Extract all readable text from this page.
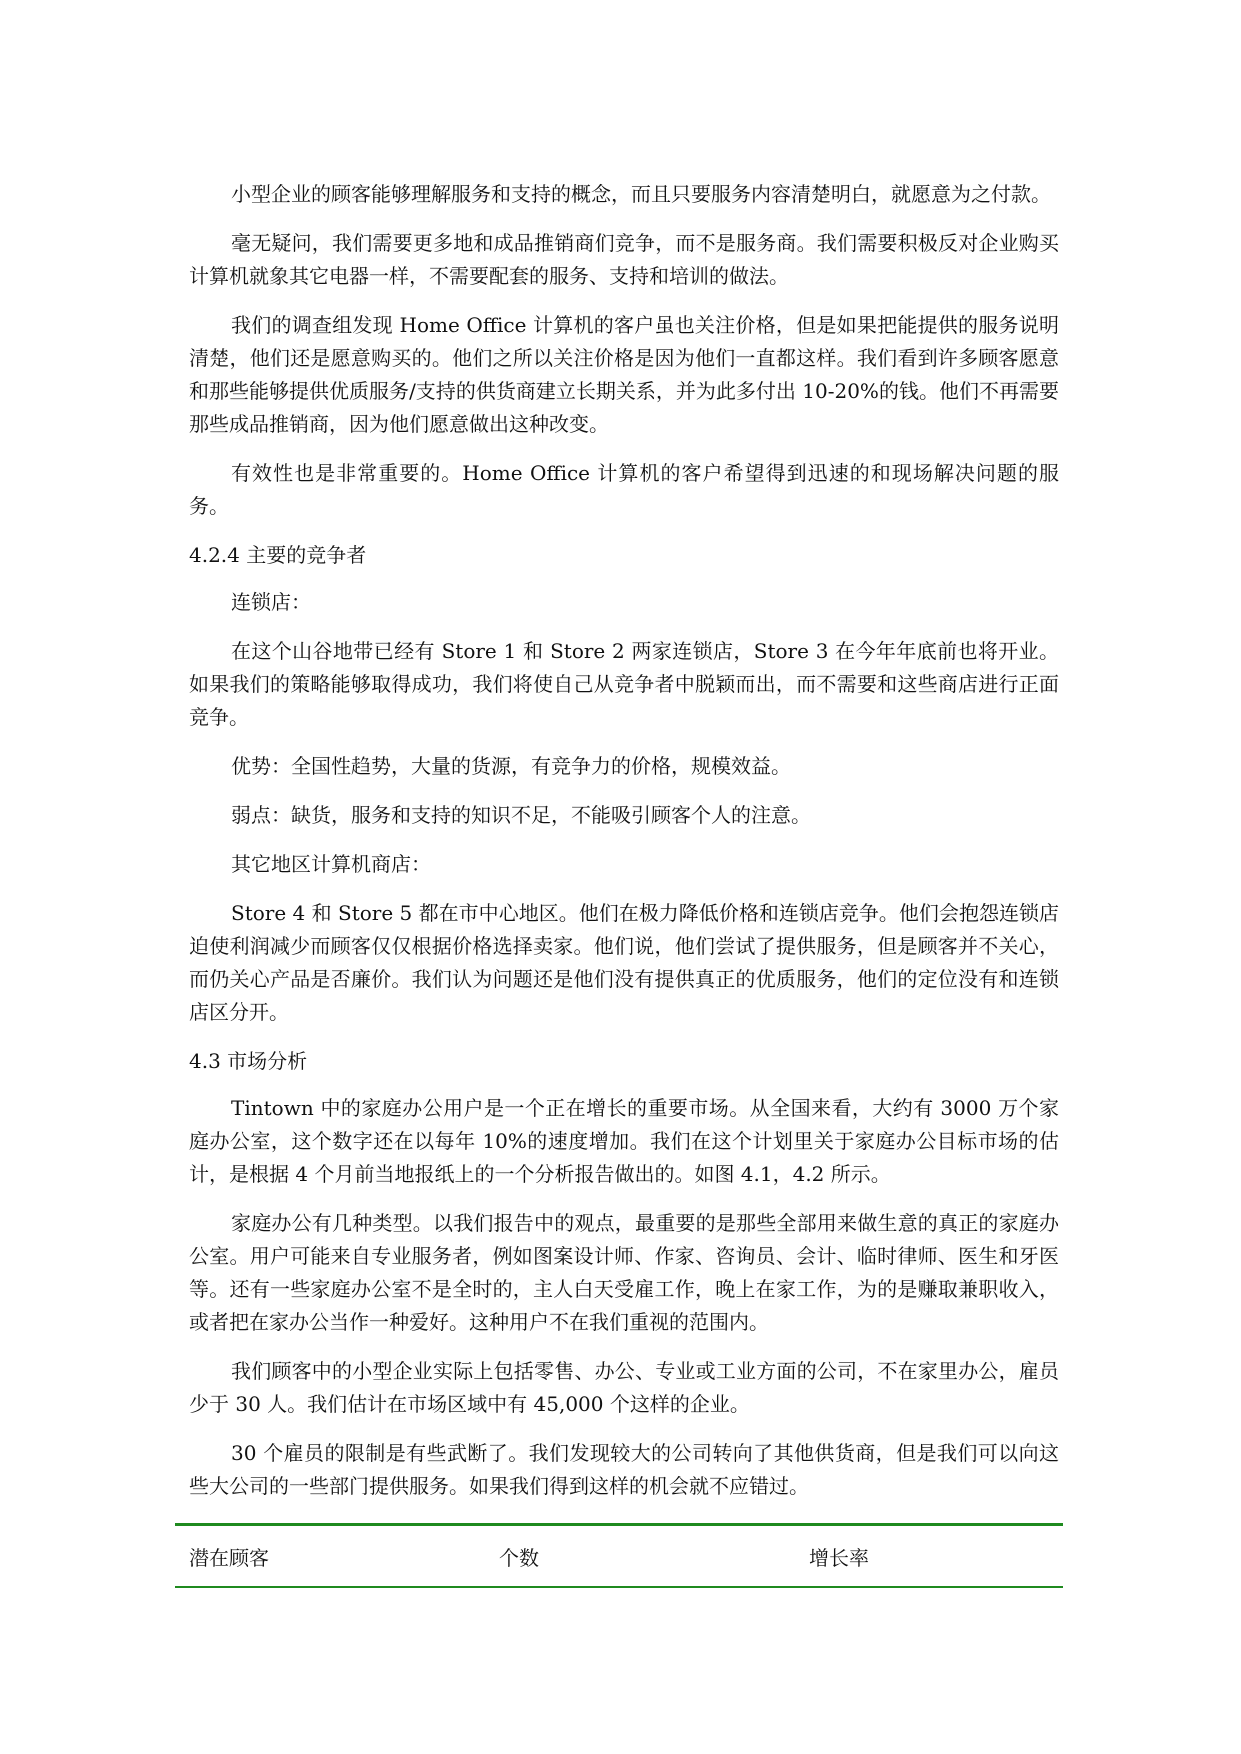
小型企业的顾客能够理解服务和支持的概念，而且只要服务内容清楚明白，就愿意为之付款。

毫无疑问，我们需要更多地和成品推销商们竞争，而不是服务商。我们需要积极反对企业购买计算机就象其它电器一样，不需要配套的服务、支持和培训的做法。

我们的调查组发现 Home Office 计算机的客户虽也关注价格，但是如果把能提供的服务说明清楚，他们还是愿意购买的。他们之所以关注价格是因为他们一直都这样。我们看到许多顾客愿意和那些能够提供优质服务/支持的供货商建立长期关系，并为此多付出 10-20%的钱。他们不再需要那些成品推销商，因为他们愿意做出这种改变。

有效性也是非常重要的。Home Office 计算机的客户希望得到迅速的和现场解决问题的服务。

4.2.4 主要的竞争者

连锁店：

在这个山谷地带已经有 Store 1 和 Store 2 两家连锁店，Store 3 在今年年底前也将开业。如果我们的策略能够取得成功，我们将使自己从竞争者中脱颖而出，而不需要和这些商店进行正面竞争。

优势：全国性趋势，大量的货源，有竞争力的价格，规模效益。

弱点：缺货，服务和支持的知识不足，不能吸引顾客个人的注意。

其它地区计算机商店：

Store 4 和 Store 5 都在市中心地区。他们在极力降低价格和连锁店竞争。他们会抱怨连锁店迫使利润减少而顾客仅仅根据价格选择卖家。他们说，他们尝试了提供服务，但是顾客并不关心，而仍关心产品是否廉价。我们认为问题还是他们没有提供真正的优质服务，他们的定位没有和连锁店区分开。

4.3 市场分析

Tintown 中的家庭办公用户是一个正在增长的重要市场。从全国来看，大约有 3000 万个家庭办公室，这个数字还在以每年 10%的速度增加。我们在这个计划里关于家庭办公目标市场的估计，是根据 4 个月前当地报纸上的一个分析报告做出的。如图 4.1，4.2 所示。

家庭办公有几种类型。以我们报告中的观点，最重要的是那些全部用来做生意的真正的家庭办公室。用户可能来自专业服务者，例如图案设计师、作家、咨询员、会计、临时律师、医生和牙医等。还有一些家庭办公室不是全时的，主人白天受雇工作，晚上在家工作，为的是赚取兼职收入，或者把在家办公当作一种爱好。这种用户不在我们重视的范围内。

我们顾客中的小型企业实际上包括零售、办公、专业或工业方面的公司，不在家里办公，雇员少于 30 人。我们估计在市场区域中有 45,000 个这样的企业。

30 个雇员的限制是有些武断了。我们发现较大的公司转向了其他供货商，但是我们可以向这些大公司的一些部门提供服务。如果我们得到这样的机会就不应错过。

潜在顾客	个数	增长率
